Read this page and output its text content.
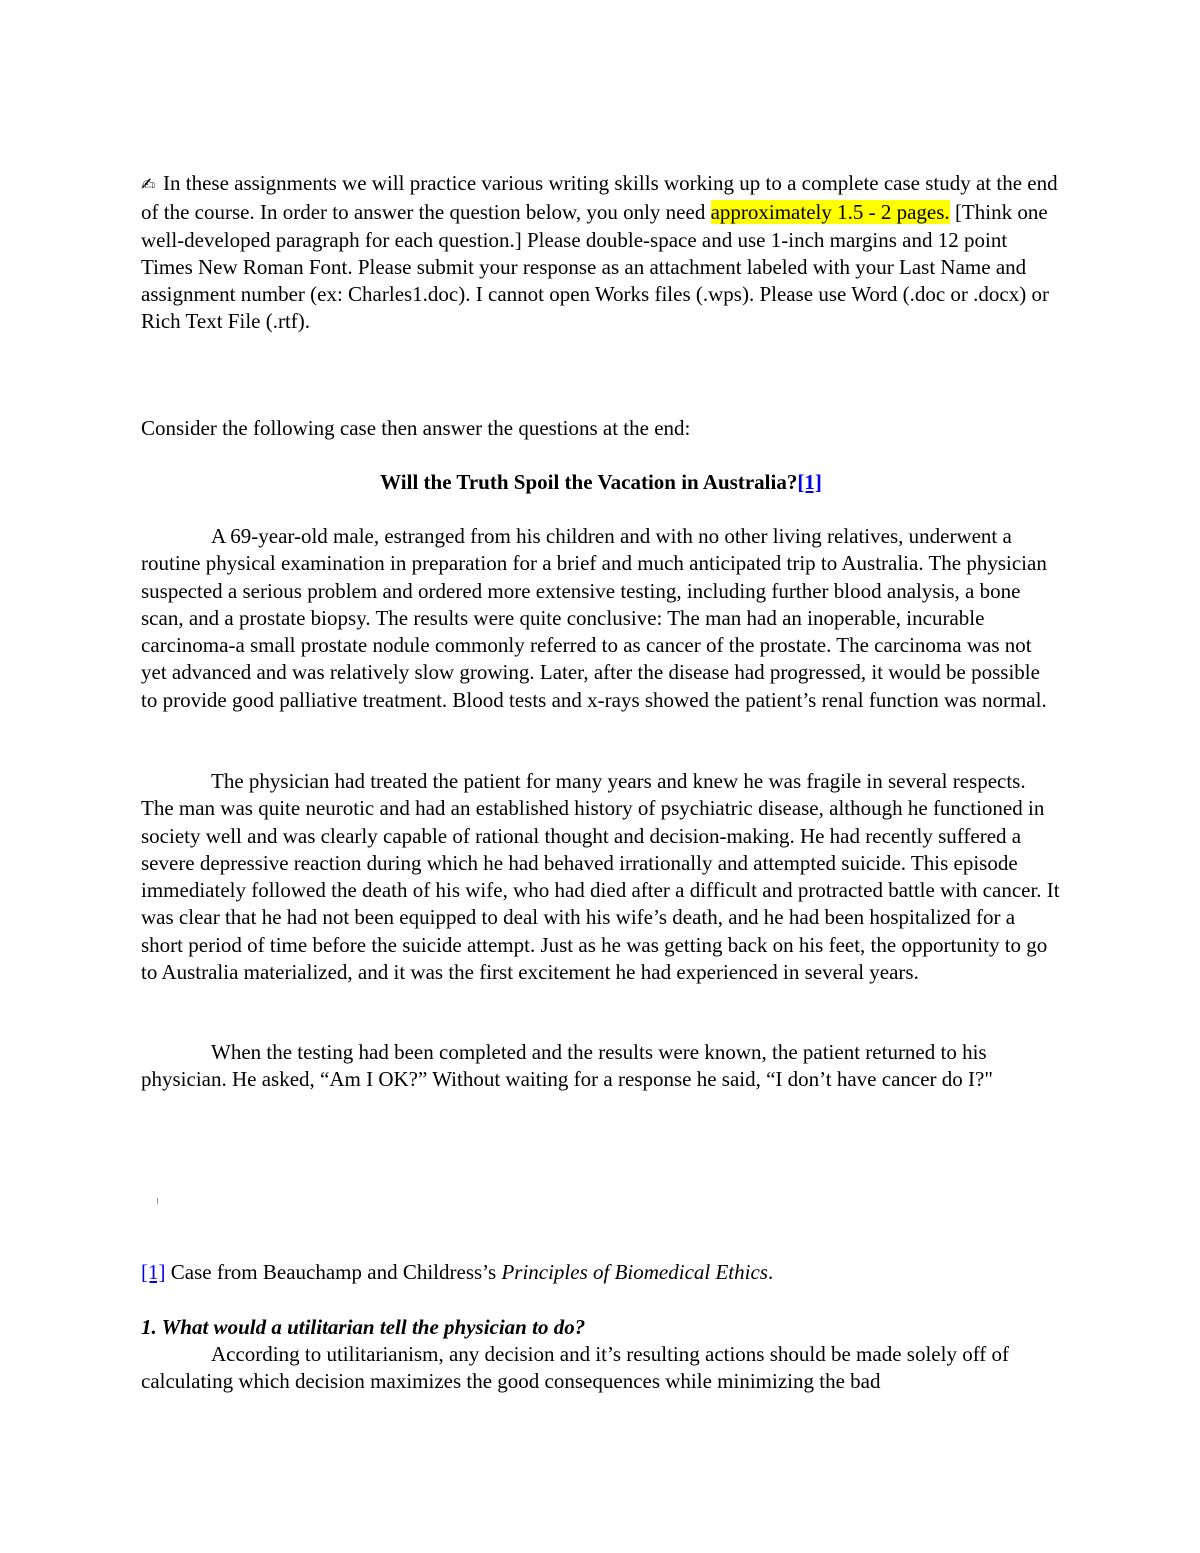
✍ In these assignments we will practice various writing skills working up to a complete case study at the end of the course. In order to answer the question below, you only need approximately 1.5 - 2 pages. [Think one well-developed paragraph for each question.] Please double-space and use 1-inch margins and 12 point Times New Roman Font. Please submit your response as an attachment labeled with your Last Name and assignment number (ex: Charles1.doc). I cannot open Works files (.wps). Please use Word (.doc or .docx) or Rich Text File (.rtf).

Consider the following case then answer the questions at the end:

Will the Truth Spoil the Vacation in Australia?[1]

A 69-year-old male, estranged from his children and with no other living relatives, underwent a routine physical examination in preparation for a brief and much anticipated trip to Australia. The physician suspected a serious problem and ordered more extensive testing, including further blood analysis, a bone scan, and a prostate biopsy. The results were quite conclusive: The man had an inoperable, incurable carcinoma-a small prostate nodule commonly referred to as cancer of the prostate. The carcinoma was not yet advanced and was relatively slow growing. Later, after the disease had progressed, it would be possible to provide good palliative treatment. Blood tests and x-rays showed the patient’s renal function was normal.

The physician had treated the patient for many years and knew he was fragile in several respects. The man was quite neurotic and had an established history of psychiatric disease, although he functioned in society well and was clearly capable of rational thought and decision-making. He had recently suffered a severe depressive reaction during which he had behaved irrationally and attempted suicide. This episode immediately followed the death of his wife, who had died after a difficult and protracted battle with cancer. It was clear that he had not been equipped to deal with his wife’s death, and he had been hospitalized for a short period of time before the suicide attempt. Just as he was getting back on his feet, the opportunity to go to Australia materialized, and it was the first excitement he had experienced in several years.

When the testing had been completed and the results were known, the patient returned to his physician. He asked, “Am I OK?” Without waiting for a response he said, “I don’t have cancer do I?"

[1] Case from Beauchamp and Childress’s Principles of Biomedical Ethics.

1. What would a utilitarian tell the physician to do?

According to utilitarianism, any decision and it’s resulting actions should be made solely off of calculating which decision maximizes the good consequences while minimizing the bad
